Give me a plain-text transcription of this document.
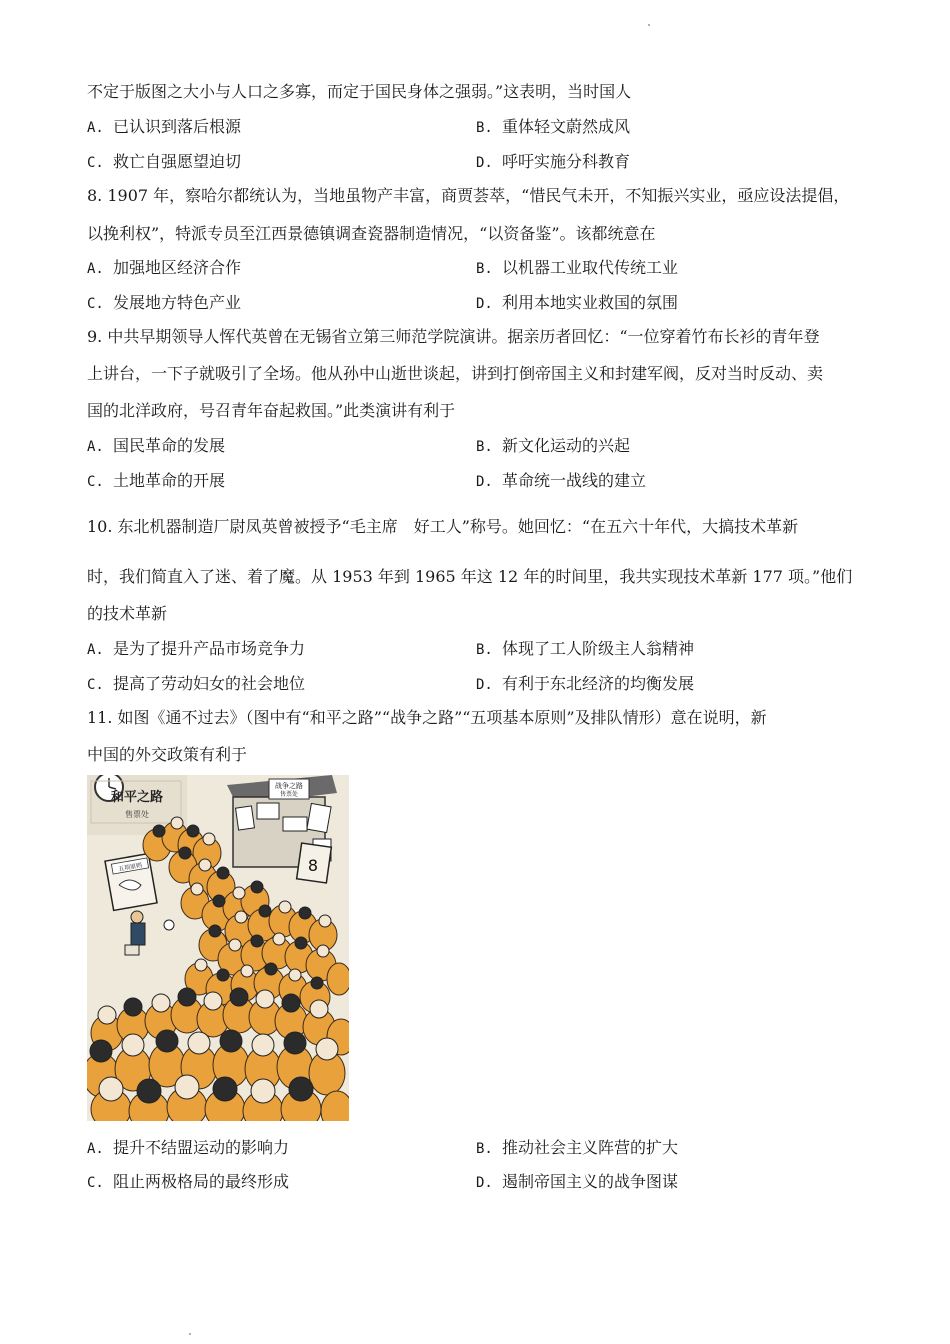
不定于版图之大小与人口之多寡，而定于国民身体之强弱。”这表明，当时国人
A. 已认识到落后根源	B. 重体轻文蔚然成风
C. 救亡自强愿望迫切	D. 呼吁实施分科教育
8. 1907 年，察哈尔都统认为，当地虽物产丰富，商贾荟萃，“惜民气未开，不知振兴实业，亟应设法提倡，
以挽利权”，特派专员至江西景德镇调查瓷器制造情况，“以资备鉴”。该都统意在
A. 加强地区经济合作	B. 以机器工业取代传统工业
C. 发展地方特色产业	D. 利用本地实业救国的氛围
9. 中共早期领导人恽代英曾在无锡省立第三师范学院演讲。据亲历者回忆：“一位穿着竹布长衫的青年登
上讲台，一下子就吸引了全场。他从孙中山逝世谈起，讲到打倒帝国主义和封建军阀，反对当时反动、卖
国的北洋政府，号召青年奋起救国。”此类演讲有利于
A. 国民革命的发展	B. 新文化运动的兴起
C. 土地革命的开展	D. 革命统一战线的建立
10. 东北机器制造厂尉凤英曾被授予“毛主席　好工人”称号。她回忆：“在五六十年代，大搞技术革新
时，我们简直入了迷、着了魔。从 1953 年到 1965 年这 12 年的时间里，我共实现技术革新 177 项。”他们
的技术革新
A. 是为了提升产品市场竞争力	B. 体现了工人阶级主人翁精神
C. 提高了劳动妇女的社会地位	D. 有利于东北经济的均衡发展
11. 如图《通不过去》（图中有“和平之路”“战争之路”“五项基本原则”及排队情形）意在说明，新
中国的外交政策有利于
和平之路
售票处
战争之路
售票处
8
五项原则
A. 提升不结盟运动的影响力	B. 推动社会主义阵营的扩大
C. 阻止两极格局的最终形成	D. 遏制帝国主义的战争图谋
